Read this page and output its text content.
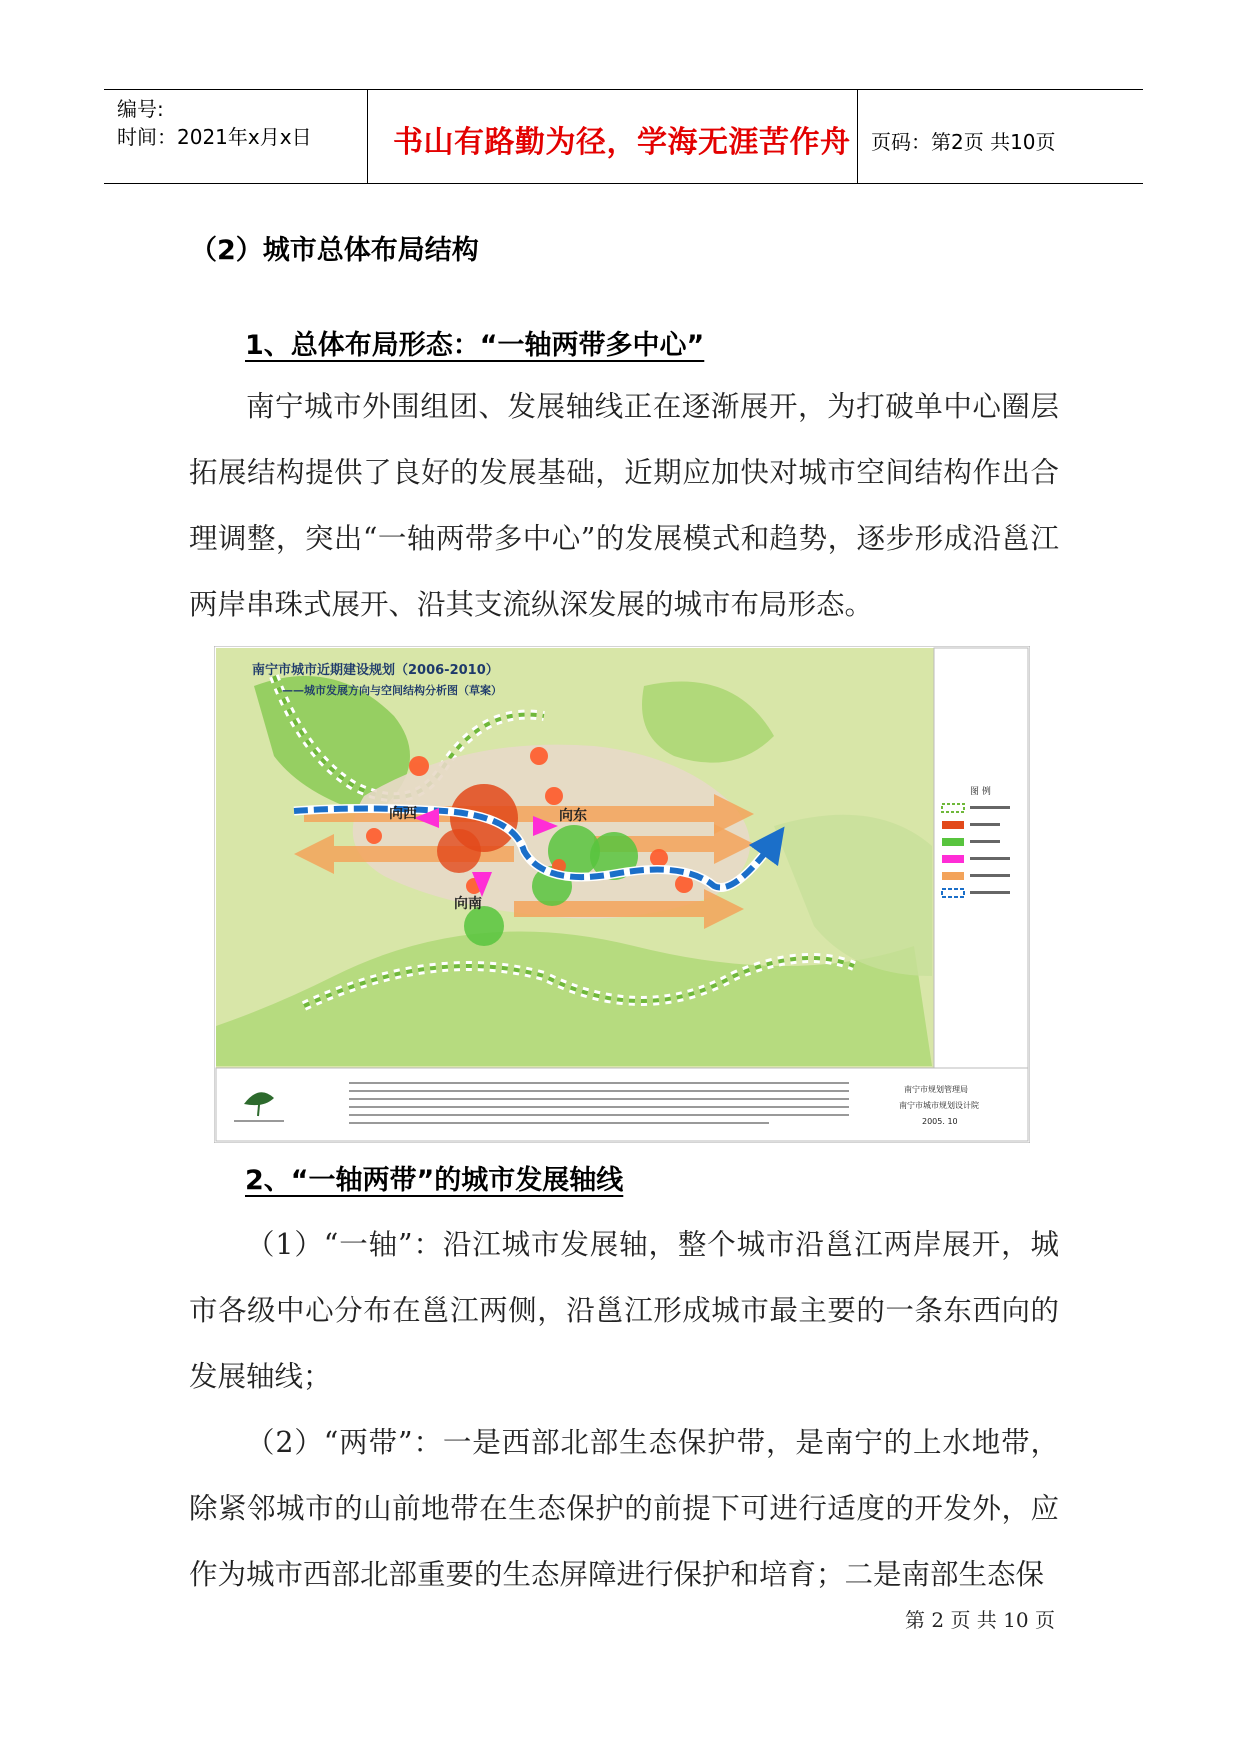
编号:
时间：2021年x月x日	书山有路勤为径，学海无涯苦作舟 页码：第2页 共10页
（2）城市总体布局结构
1、总体布局形态：“一轴两带多中心”
南宁城市外围组团、发展轴线正在逐渐展开，为打破单中心圈层拓展结构提供了良好的发展基础，近期应加快对城市空间结构作出合理调整，突出“一轴两带多中心”的发展模式和趋势，逐步形成沿邕江两岸串珠式展开、沿其支流纵深发展的城市布局形态。
向西	向东
向南
南宁市城市近期建设规划（2006-2010）
——城市发展方向与空间结构分析图（草案）
图 例
南宁市规划管理局
南宁市城市规划设计院
2005. 10
2、“一轴两带”的城市发展轴线
（1）“一轴”：沿江城市发展轴，整个城市沿邕江两岸展开，城市各级中心分布在邕江两侧，沿邕江形成城市最主要的一条东西向的发展轴线；
（2）“两带”：一是西部北部生态保护带，是南宁的上水地带，除紧邻城市的山前地带在生态保护的前提下可进行适度的开发外，应作为城市西部北部重要的生态屏障进行保护和培育；二是南部生态保
第 2 页 共 10 页
